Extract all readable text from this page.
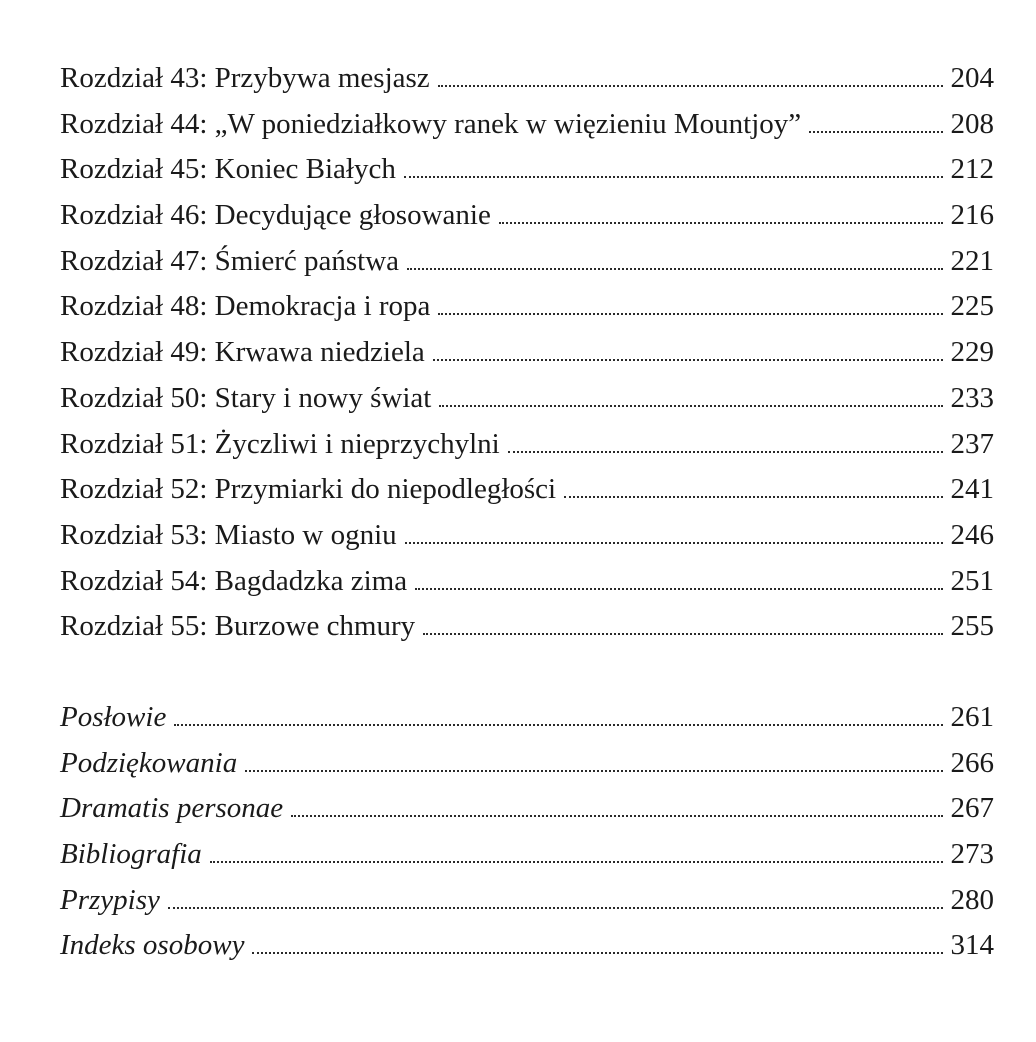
Rozdział 43: Przybywa mesjasz	204
Rozdział 44: „W poniedziałkowy ranek w więzieniu Mountjoy”	208
Rozdział 45: Koniec Białych	212
Rozdział 46: Decydujące głosowanie	216
Rozdział 47: Śmierć państwa	221
Rozdział 48: Demokracja i ropa	225
Rozdział 49: Krwawa niedziela	229
Rozdział 50: Stary i nowy świat	233
Rozdział 51: Życzliwi i nieprzychylni	237
Rozdział 52: Przymiarki do niepodległości	241
Rozdział 53: Miasto w ogniu	246
Rozdział 54: Bagdadzka zima	251
Rozdział 55: Burzowe chmury	255
Posłowie	261
Podziękowania	266
Dramatis personae	267
Bibliografia	273
Przypisy	280
Indeks osobowy	314
